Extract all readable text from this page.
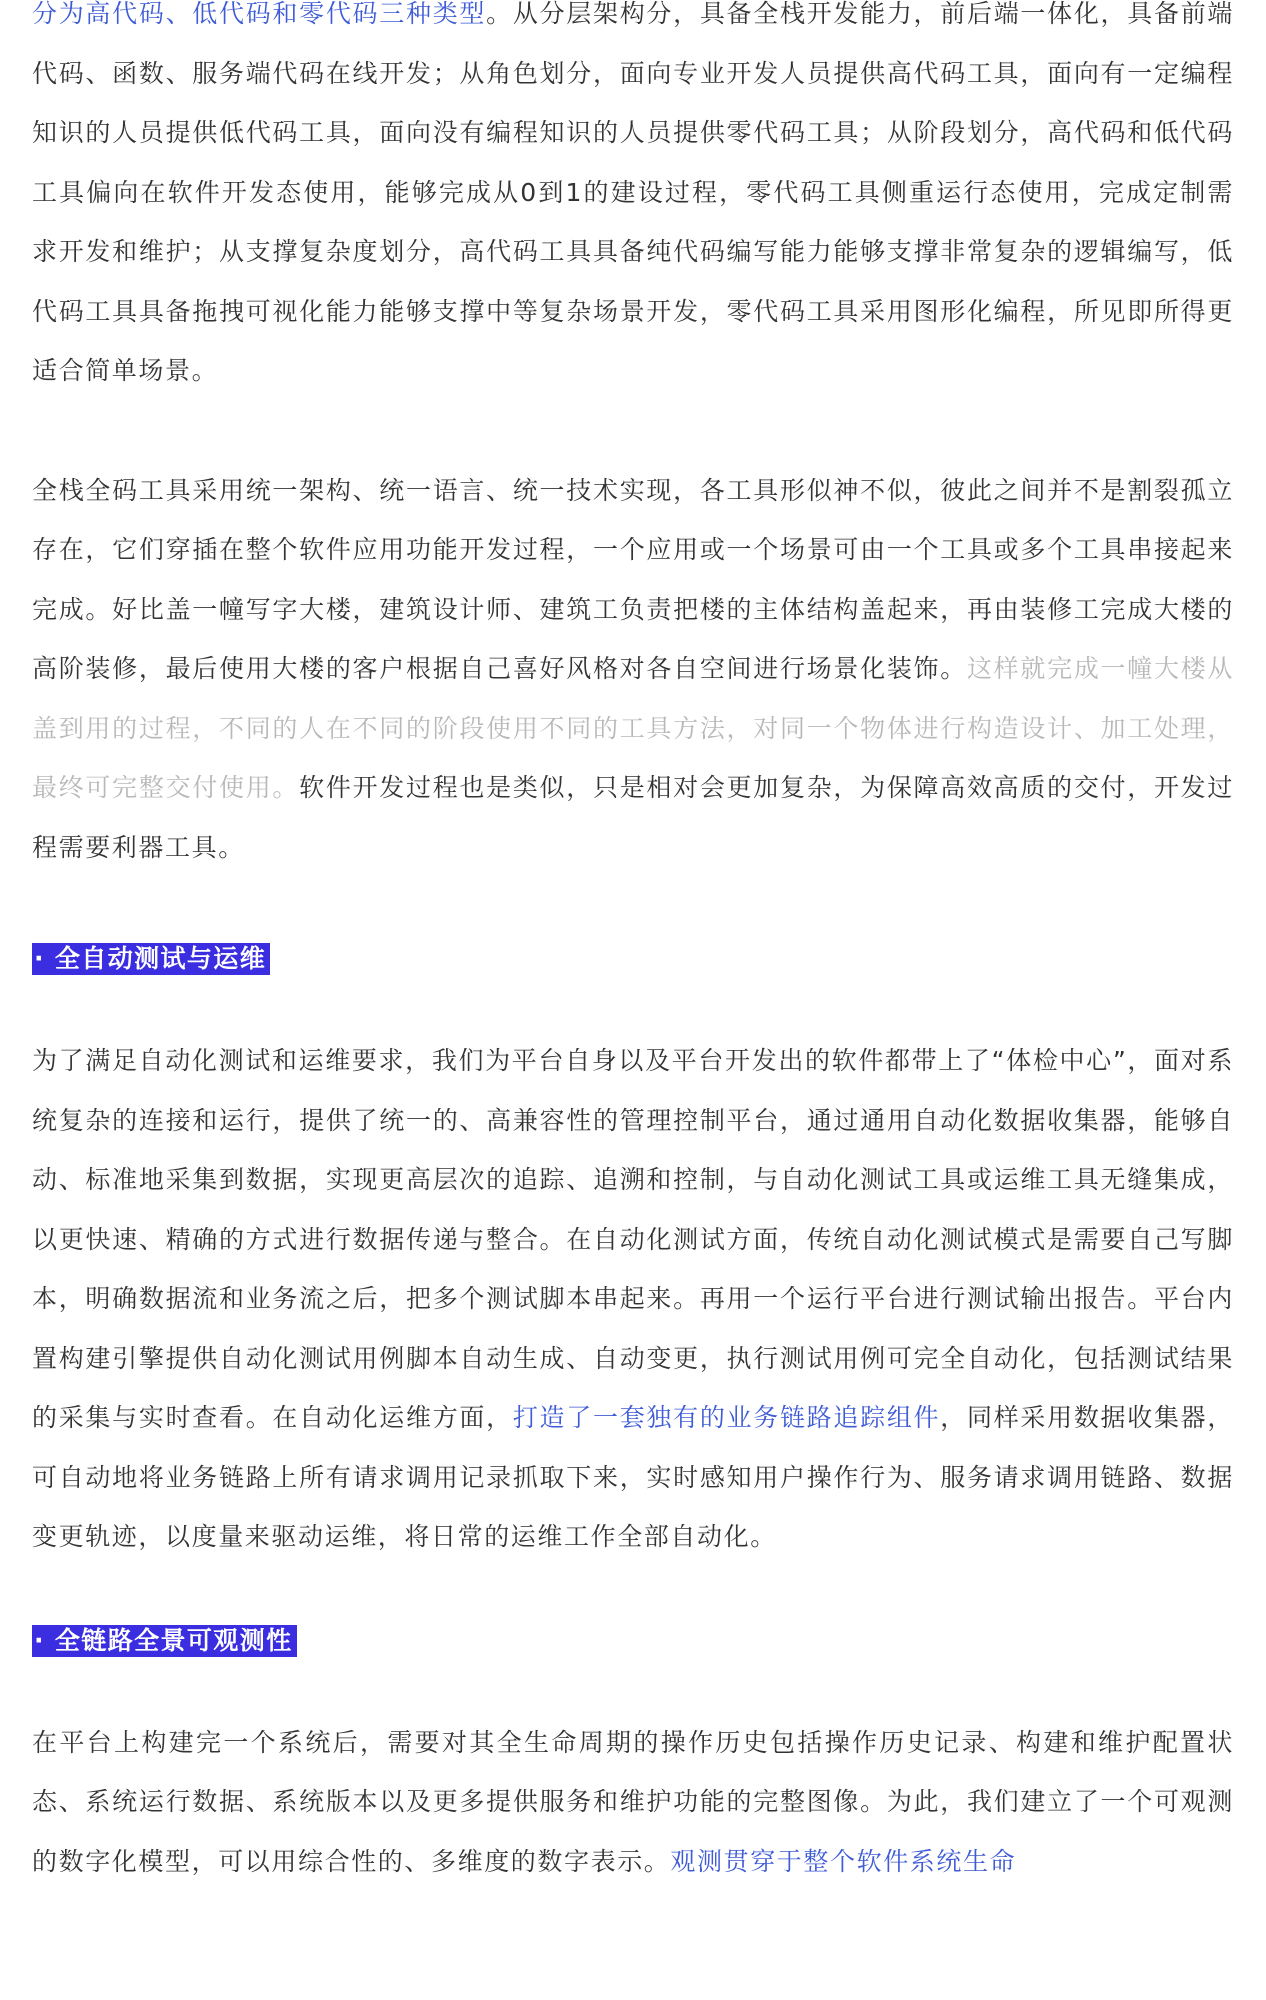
分为高代码、低代码和零代码三种类型。从分层架构分，具备全栈开发能力，前后端一体化，具备前端代码、函数、服务端代码在线开发；从角色划分，面向专业开发人员提供高代码工具，面向有一定编程知识的人员提供低代码工具，面向没有编程知识的人员提供零代码工具；从阶段划分，高代码和低代码工具偏向在软件开发态使用，能够完成从0到1的建设过程，零代码工具侧重运行态使用，完成定制需求开发和维护；从支撑复杂度划分，高代码工具具备纯代码编写能力能够支撑非常复杂的逻辑编写，低代码工具具备拖拽可视化能力能够支撑中等复杂场景开发，零代码工具采用图形化编程，所见即所得更适合简单场景。

全栈全码工具采用统一架构、统一语言、统一技术实现，各工具形似神不似，彼此之间并不是割裂孤立存在，它们穿插在整个软件应用功能开发过程，一个应用或一个场景可由一个工具或多个工具串接起来完成。好比盖一幢写字大楼，建筑设计师、建筑工负责把楼的主体结构盖起来，再由装修工完成大楼的高阶装修，最后使用大楼的客户根据自己喜好风格对各自空间进行场景化装饰。这样就完成一幢大楼从盖到用的过程，不同的人在不同的阶段使用不同的工具方法，对同一个物体进行构造设计、加工处理，最终可完整交付使用。软件开发过程也是类似，只是相对会更加复杂，为保障高效高质的交付，开发过程需要利器工具。

· 全自动测试与运维

为了满足自动化测试和运维要求，我们为平台自身以及平台开发出的软件都带上了“体检中心”，面对系统复杂的连接和运行，提供了统一的、高兼容性的管理控制平台，通过通用自动化数据收集器，能够自动、标准地采集到数据，实现更高层次的追踪、追溯和控制，与自动化测试工具或运维工具无缝集成，以更快速、精确的方式进行数据传递与整合。在自动化测试方面，传统自动化测试模式是需要自己写脚本，明确数据流和业务流之后，把多个测试脚本串起来。再用一个运行平台进行测试输出报告。平台内置构建引擎提供自动化测试用例脚本自动生成、自动变更，执行测试用例可完全自动化，包括测试结果的采集与实时查看。在自动化运维方面，打造了一套独有的业务链路追踪组件，同样采用数据收集器，可自动地将业务链路上所有请求调用记录抓取下来，实时感知用户操作行为、服务请求调用链路、数据变更轨迹，以度量来驱动运维，将日常的运维工作全部自动化。

· 全链路全景可观测性

在平台上构建完一个系统后，需要对其全生命周期的操作历史包括操作历史记录、构建和维护配置状态、系统运行数据、系统版本以及更多提供服务和维护功能的完整图像。为此，我们建立了一个可观测的数字化模型，可以用综合性的、多维度的数字表示。观测贯穿于整个软件系统生命
